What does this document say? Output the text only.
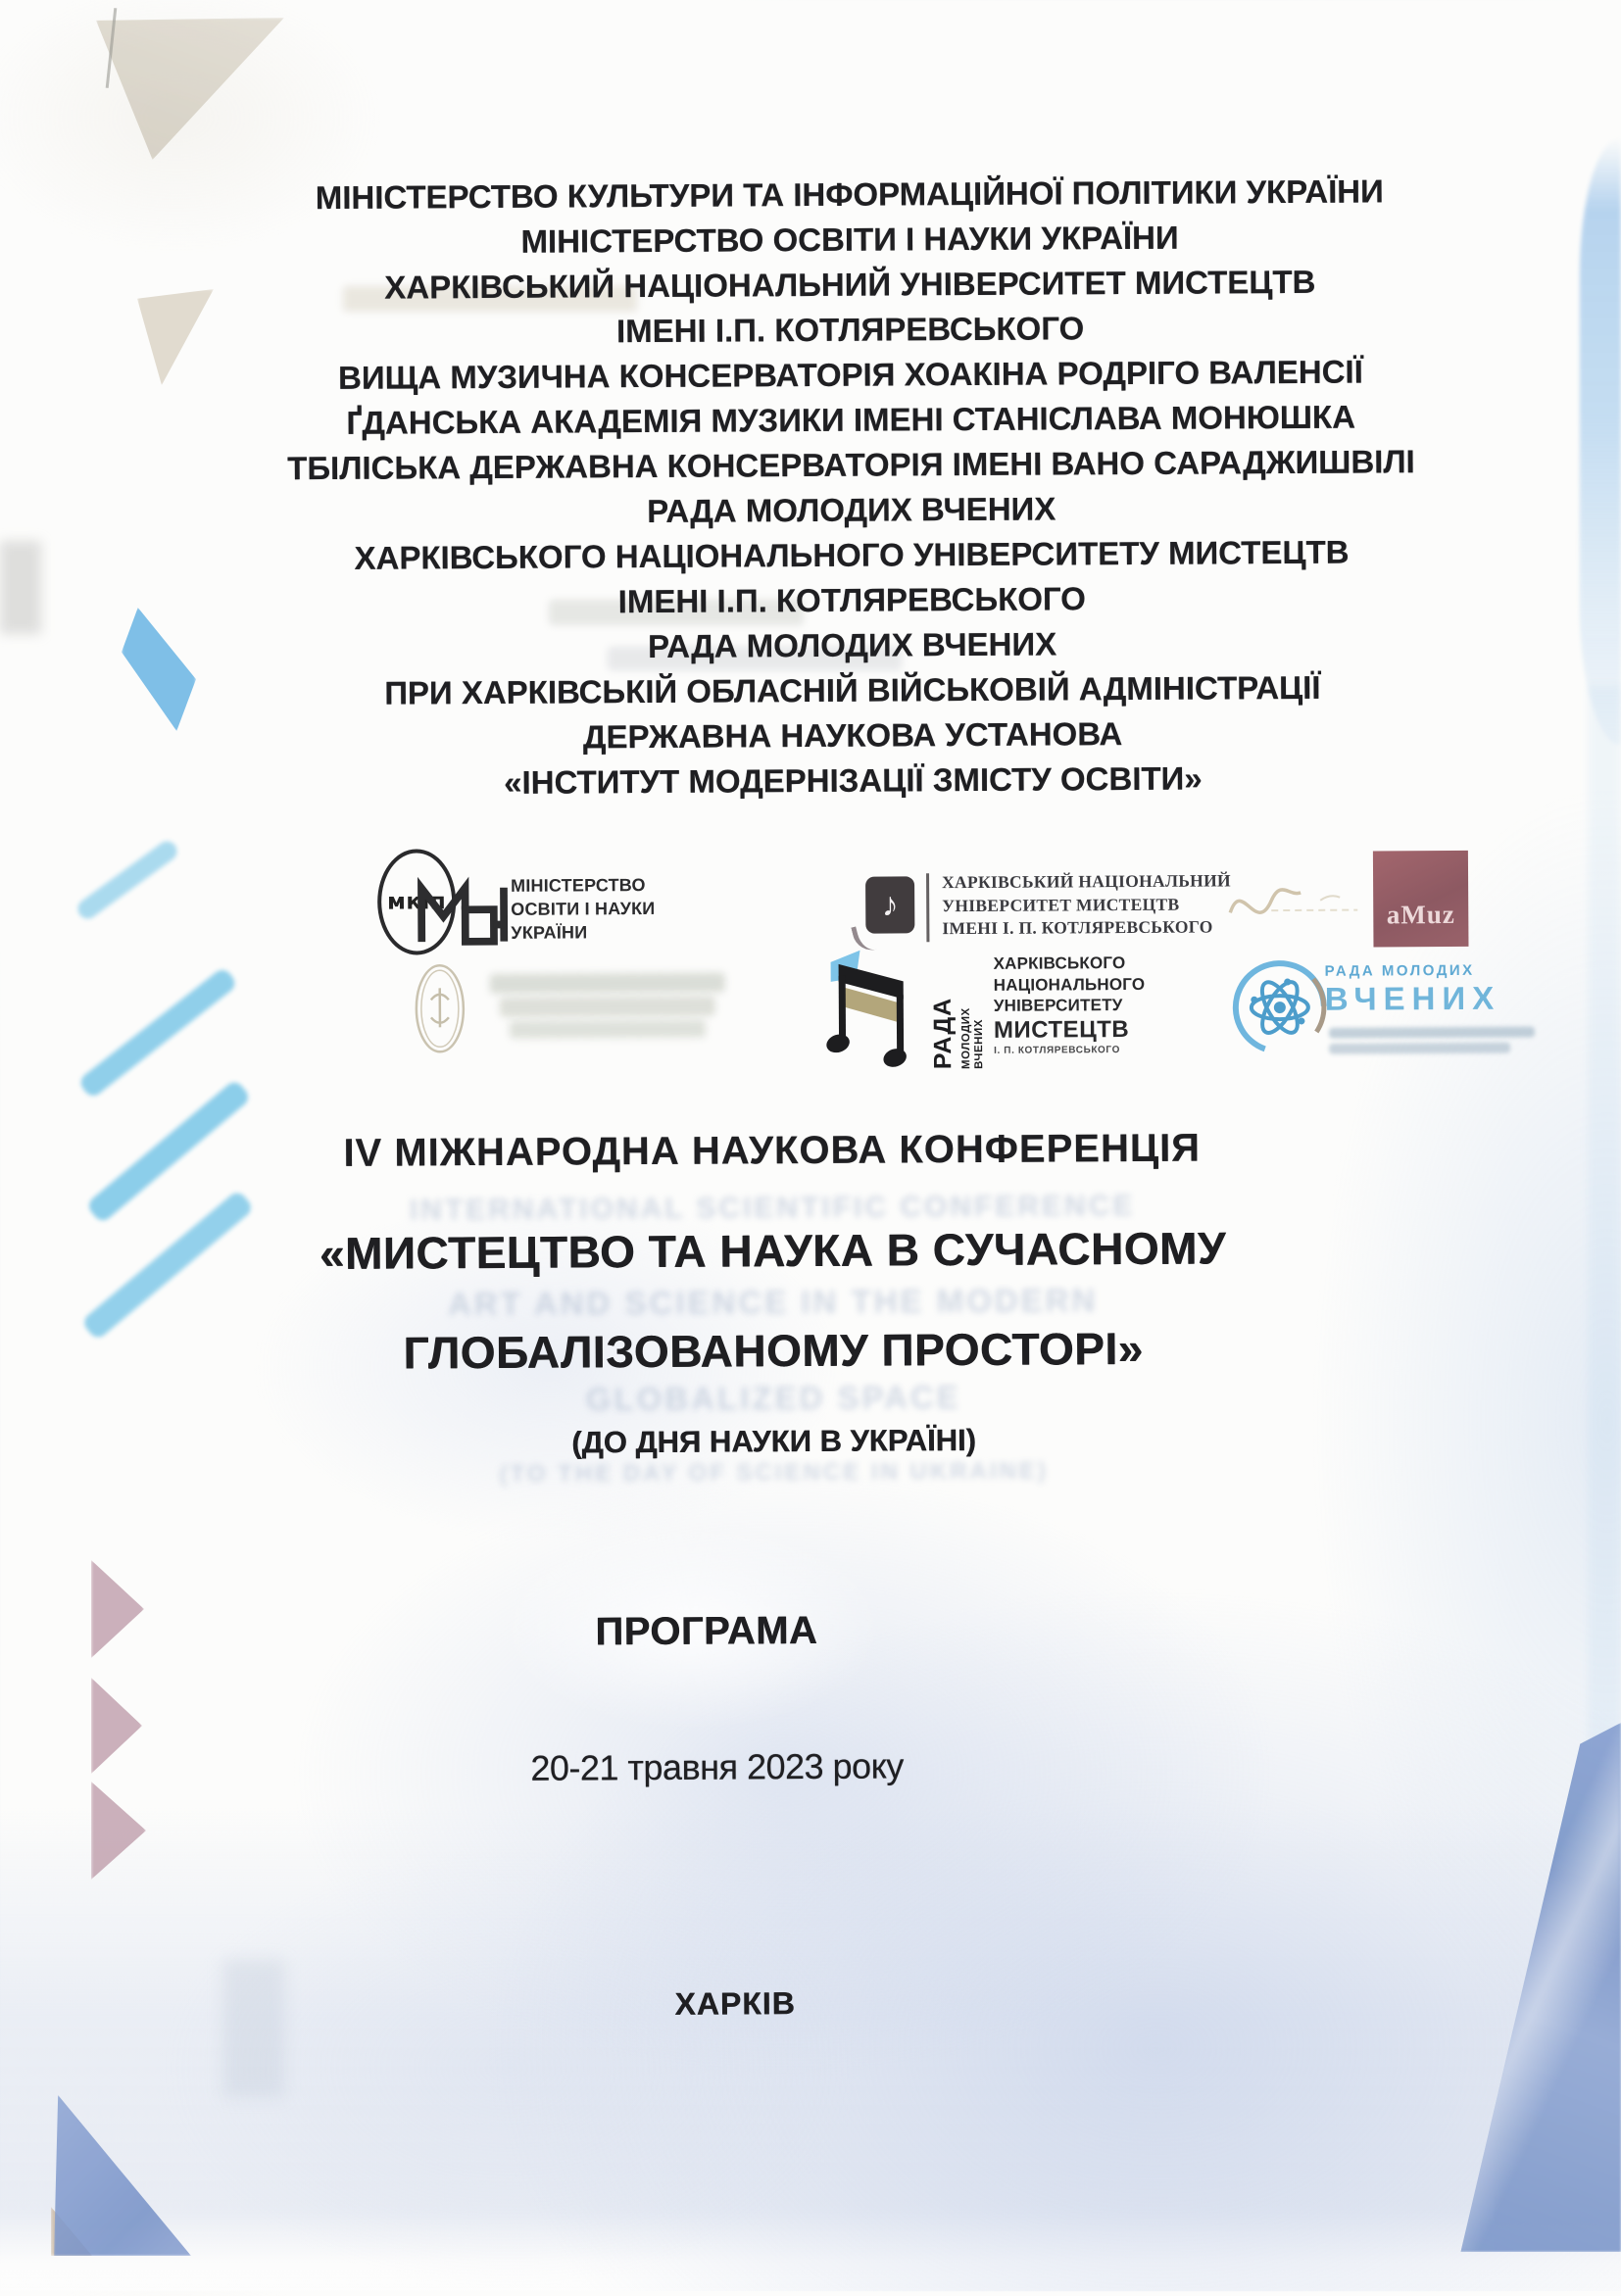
МІНІСТЕРСТВО КУЛЬТУРИ ТА ІНФОРМАЦІЙНОЇ ПОЛІТИКИ УКРАЇНИ
МІНІСТЕРСТВО ОСВІТИ І НАУКИ УКРАЇНИ
ХАРКІВСЬКИЙ НАЦІОНАЛЬНИЙ УНІВЕРСИТЕТ МИСТЕЦТВ
ІМЕНІ І.П. КОТЛЯРЕВСЬКОГО
ВИЩА МУЗИЧНА КОНСЕРВАТОРІЯ ХОАКІНА РОДРІГО ВАЛЕНСІЇ
ҐДАНСЬКА АКАДЕМІЯ МУЗИКИ ІМЕНІ СТАНІСЛАВА МОНЮШКА
ТБІЛІСЬКА ДЕРЖАВНА КОНСЕРВАТОРІЯ ІМЕНІ ВАНО САРАДЖИШВІЛІ
РАДА МОЛОДИХ ВЧЕНИХ
ХАРКІВСЬКОГО НАЦІОНАЛЬНОГО УНІВЕРСИТЕТУ МИСТЕЦТВ
ІМЕНІ І.П. КОТЛЯРЕВСЬКОГО
РАДА МОЛОДИХ ВЧЕНИХ
ПРИ ХАРКІВСЬКІЙ ОБЛАСНІЙ ВІЙСЬКОВІЙ АДМІНІСТРАЦІЇ
ДЕРЖАВНА НАУКОВА УСТАНОВА
«ІНСТИТУТ МОДЕРНІЗАЦІЇ ЗМІСТУ ОСВІТИ»
мкіп
МІНІСТЕРСТВО
ОСВІТИ І НАУКИ
УКРАЇНИ
♪
ХАРКІВСЬКИЙ НАЦІОНАЛЬНИЙ
УНІВЕРСИТЕТ МИСТЕЦТВ
ІМЕНІ І. П. КОТЛЯРЕВСЬКОГО	aMuz
РАДА МОЛОДИХ ВЧЕНИХ
ХАРКІВСЬКОГО
НАЦІОНАЛЬНОГО
УНІВЕРСИТЕТУ
МИСТЕЦТВ
І. П. КОТЛЯРЕВСЬКОГО
РАДА МОЛОДИХ
ВЧЕНИХ
INTERNATIONAL SCIENTIFIC CONFERENCE
ART AND SCIENCE IN THE MODERN
GLOBALIZED SPACE
(TO THE DAY OF SCIENCE IN UKRAINE)
IV МІЖНАРОДНА НАУКОВА КОНФЕРЕНЦІЯ
«МИСТЕЦТВО ТА НАУКА В СУЧАСНОМУ
ГЛОБАЛІЗОВАНОМУ ПРОСТОРІ»
(ДО ДНЯ НАУКИ В УКРАЇНІ)
ПРОГРАМА
20-21 травня 2023 року
ХАРКІВ
